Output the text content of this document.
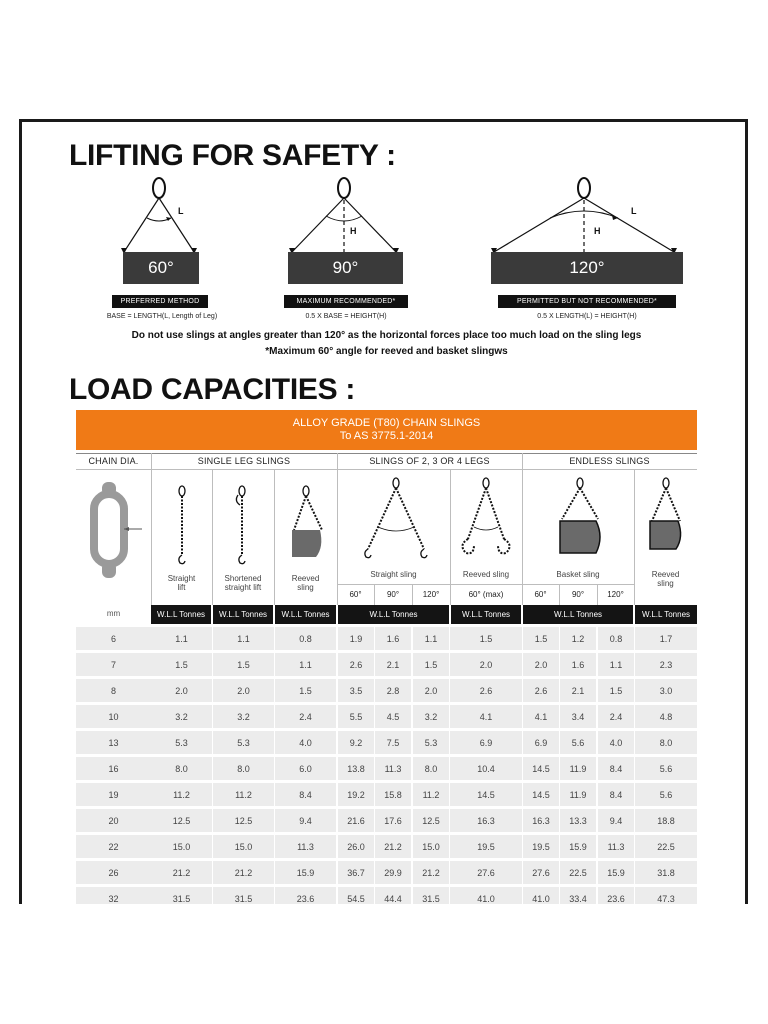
LIFTING FOR SAFETY :
L
60°
PREFERRED METHOD
BASE = LENGTH(L, Length of Leg)
H
90°
MAXIMUM RECOMMENDED*
0.5 X BASE = HEIGHT(H)
L
H
120°
PERMITTED BUT NOT RECOMMENDED*
0.5 X LENGTH(L) = HEIGHT(H)
Do not use slings at angles greater than 120° as the horizontal forces place too much load on the sling legs
*Maximum 60° angle for reeved and basket slingws
LOAD CAPACITIES :
ALLOY GRADE (T80) CHAIN SLINGS
To AS 3775.1-2014
CHAIN DIA.	SINGLE LEG SLINGS	SLINGS OF 2, 3 OR 4 LEGS	ENDLESS SLINGS
Straight
lift
Shortened
straight lift
Reeved
sling
Straight sling	Reeved sling	Basket sling	Reeved
sling
60°	90°	120°	60° (max)	60°	90°	120°
mm	W.L.L Tonnes	W.L.L Tonnes	W.L.L Tonnes	W.L.L Tonnes	W.L.L Tonnes	W.L.L Tonnes	W.L.L Tonnes
6	1.1	1.1	0.8	1.9	1.6	1.1	1.5	1.5	1.2	0.8	1.7
7	1.5	1.5	1.1	2.6	2.1	1.5	2.0	2.0	1.6	1.1	2.3
8	2.0	2.0	1.5	3.5	2.8	2.0	2.6	2.6	2.1	1.5	3.0
10	3.2	3.2	2.4	5.5	4.5	3.2	4.1	4.1	3.4	2.4	4.8
13	5.3	5.3	4.0	9.2	7.5	5.3	6.9	6.9	5.6	4.0	8.0
16	8.0	8.0	6.0	13.8	11.3	8.0	10.4	14.5	11.9	8.4	5.6
19	11.2	11.2	8.4	19.2	15.8	11.2	14.5	14.5	11.9	8.4	5.6
20	12.5	12.5	9.4	21.6	17.6	12.5	16.3	16.3	13.3	9.4	18.8
22	15.0	15.0	11.3	26.0	21.2	15.0	19.5	19.5	15.9	11.3	22.5
26	21.2	21.2	15.9	36.7	29.9	21.2	27.6	27.6	22.5	15.9	31.8
32	31.5	31.5	23.6	54.5	44.4	31.5	41.0	41.0	33.4	23.6	47.3
